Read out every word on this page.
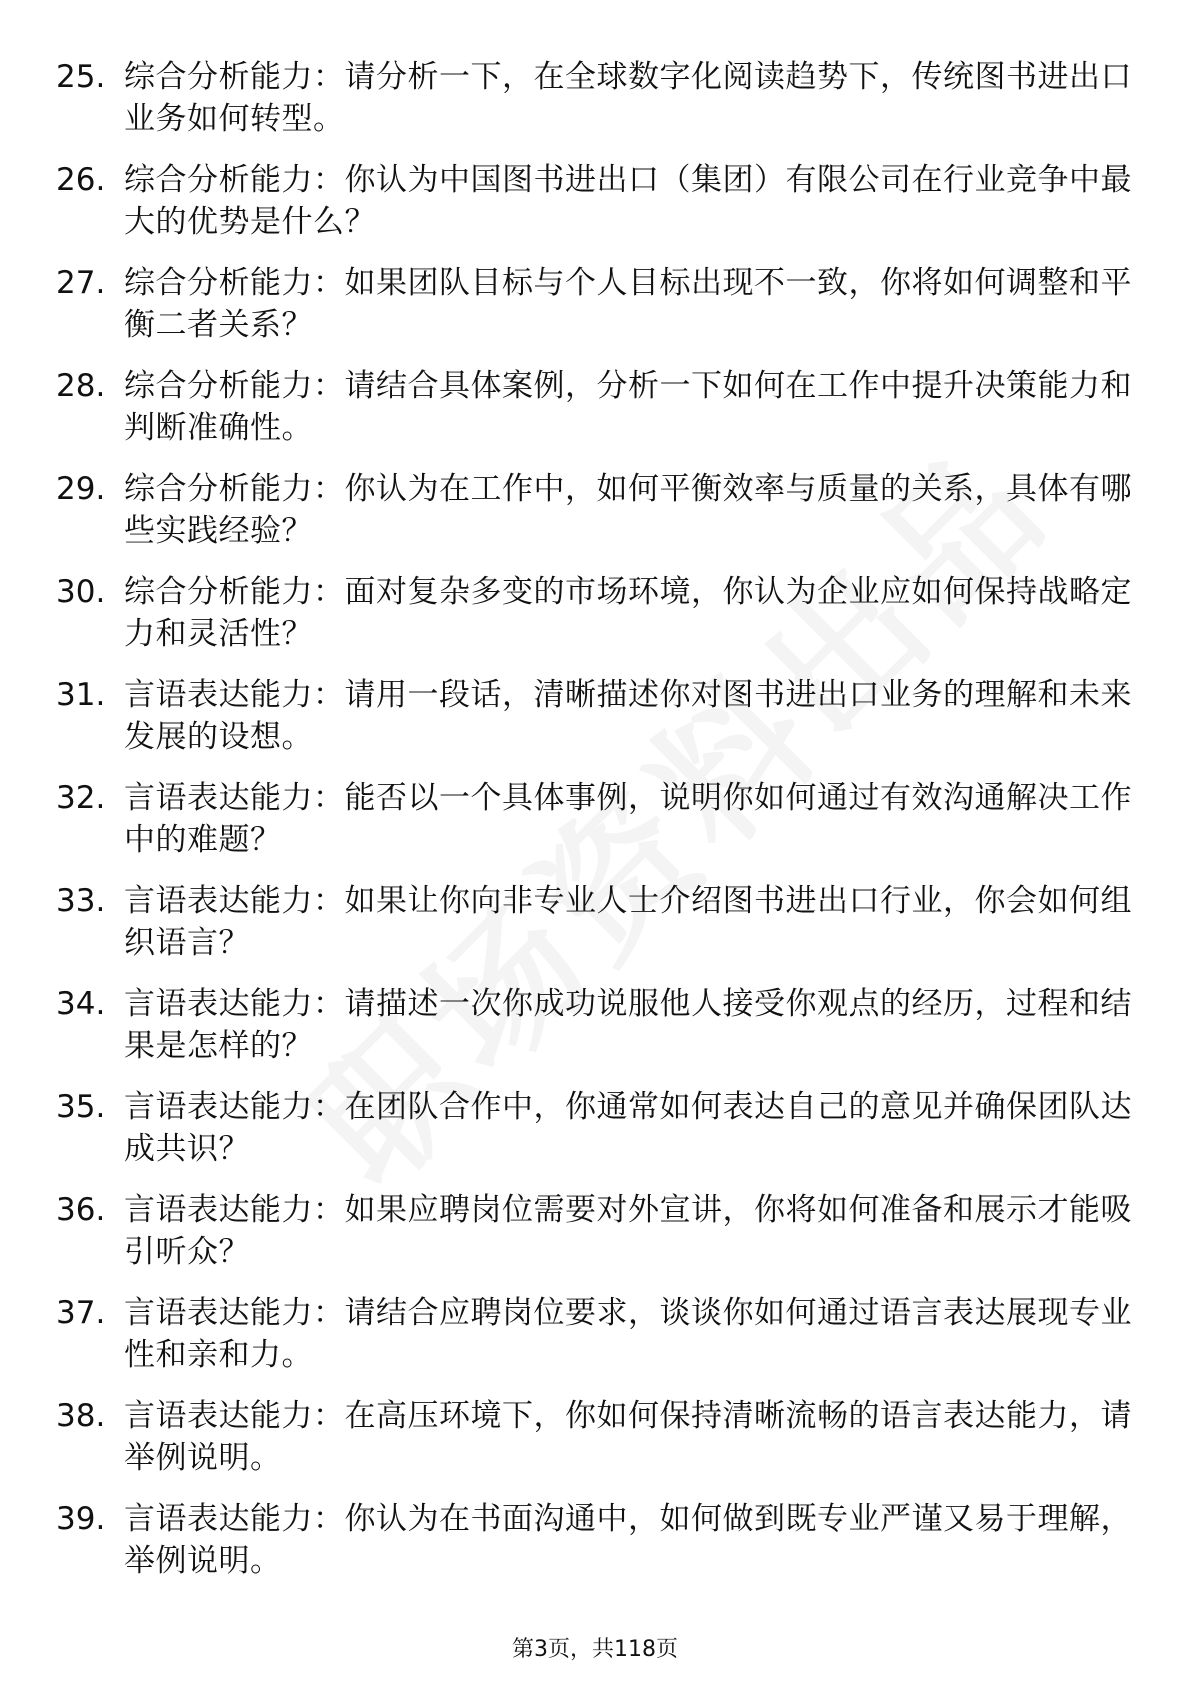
25. 综合分析能力：请分析一下，在全球数字化阅读趋势下，传统图书进出口业务如何转型。
26. 综合分析能力：你认为中国图书进出口（集团）有限公司在行业竞争中最大的优势是什么？
27. 综合分析能力：如果团队目标与个人目标出现不一致，你将如何调整和平衡二者关系？
28. 综合分析能力：请结合具体案例，分析一下如何在工作中提升决策能力和判断准确性。
29. 综合分析能力：你认为在工作中，如何平衡效率与质量的关系，具体有哪些实践经验？
30. 综合分析能力：面对复杂多变的市场环境，你认为企业应如何保持战略定力和灵活性？
31. 言语表达能力：请用一段话，清晰描述你对图书进出口业务的理解和未来发展的设想。
32. 言语表达能力：能否以一个具体事例，说明你如何通过有效沟通解决工作中的难题？
33. 言语表达能力：如果让你向非专业人士介绍图书进出口行业，你会如何组织语言？
34. 言语表达能力：请描述一次你成功说服他人接受你观点的经历，过程和结果是怎样的？
35. 言语表达能力：在团队合作中，你通常如何表达自己的意见并确保团队达成共识？
36. 言语表达能力：如果应聘岗位需要对外宣讲，你将如何准备和展示才能吸引听众？
37. 言语表达能力：请结合应聘岗位要求，谈谈你如何通过语言表达展现专业性和亲和力。
38. 言语表达能力：在高压环境下，你如何保持清晰流畅的语言表达能力，请举例说明。
39. 言语表达能力：你认为在书面沟通中，如何做到既专业严谨又易于理解，举例说明。
第3页，共118页
